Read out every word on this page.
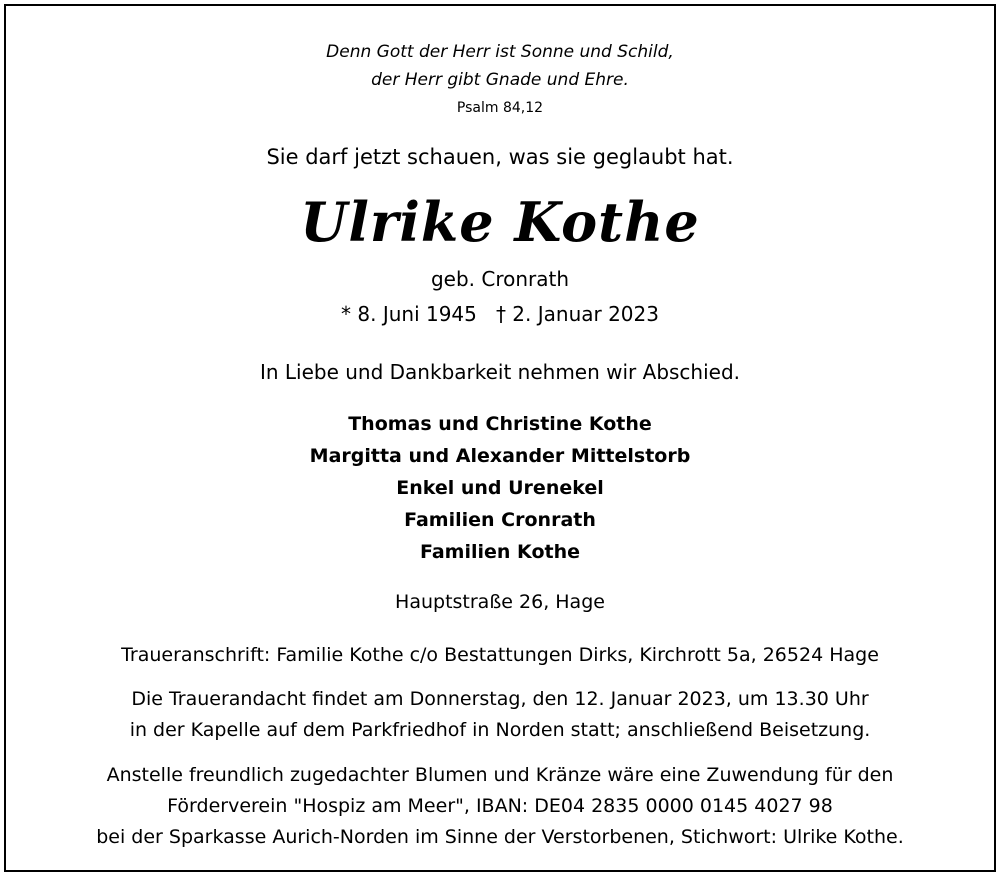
Denn Gott der Herr ist Sonne und Schild,
der Herr gibt Gnade und Ehre.
Psalm 84,12
Sie darf jetzt schauen, was sie geglaubt hat.
Ulrike Kothe
geb. Cronrath
* 8. Juni 1945   † 2. Januar 2023
In Liebe und Dankbarkeit nehmen wir Abschied.
Thomas und Christine Kothe
Margitta und Alexander Mittelstorb
Enkel und Urenekel
Familien Cronrath
Familien Kothe
Hauptstraße 26, Hage
Traueranschrift: Familie Kothe c/o Bestattungen Dirks, Kirchrott 5a, 26524 Hage
Die Trauerandacht findet am Donnerstag, den 12. Januar 2023, um 13.30 Uhr
in der Kapelle auf dem Parkfriedhof in Norden statt; anschließend Beisetzung.
Anstelle freundlich zugedachter Blumen und Kränze wäre eine Zuwendung für den
Förderverein "Hospiz am Meer", IBAN: DE04 2835 0000 0145 4027 98
bei der Sparkasse Aurich-Norden im Sinne der Verstorbenen, Stichwort: Ulrike Kothe.
